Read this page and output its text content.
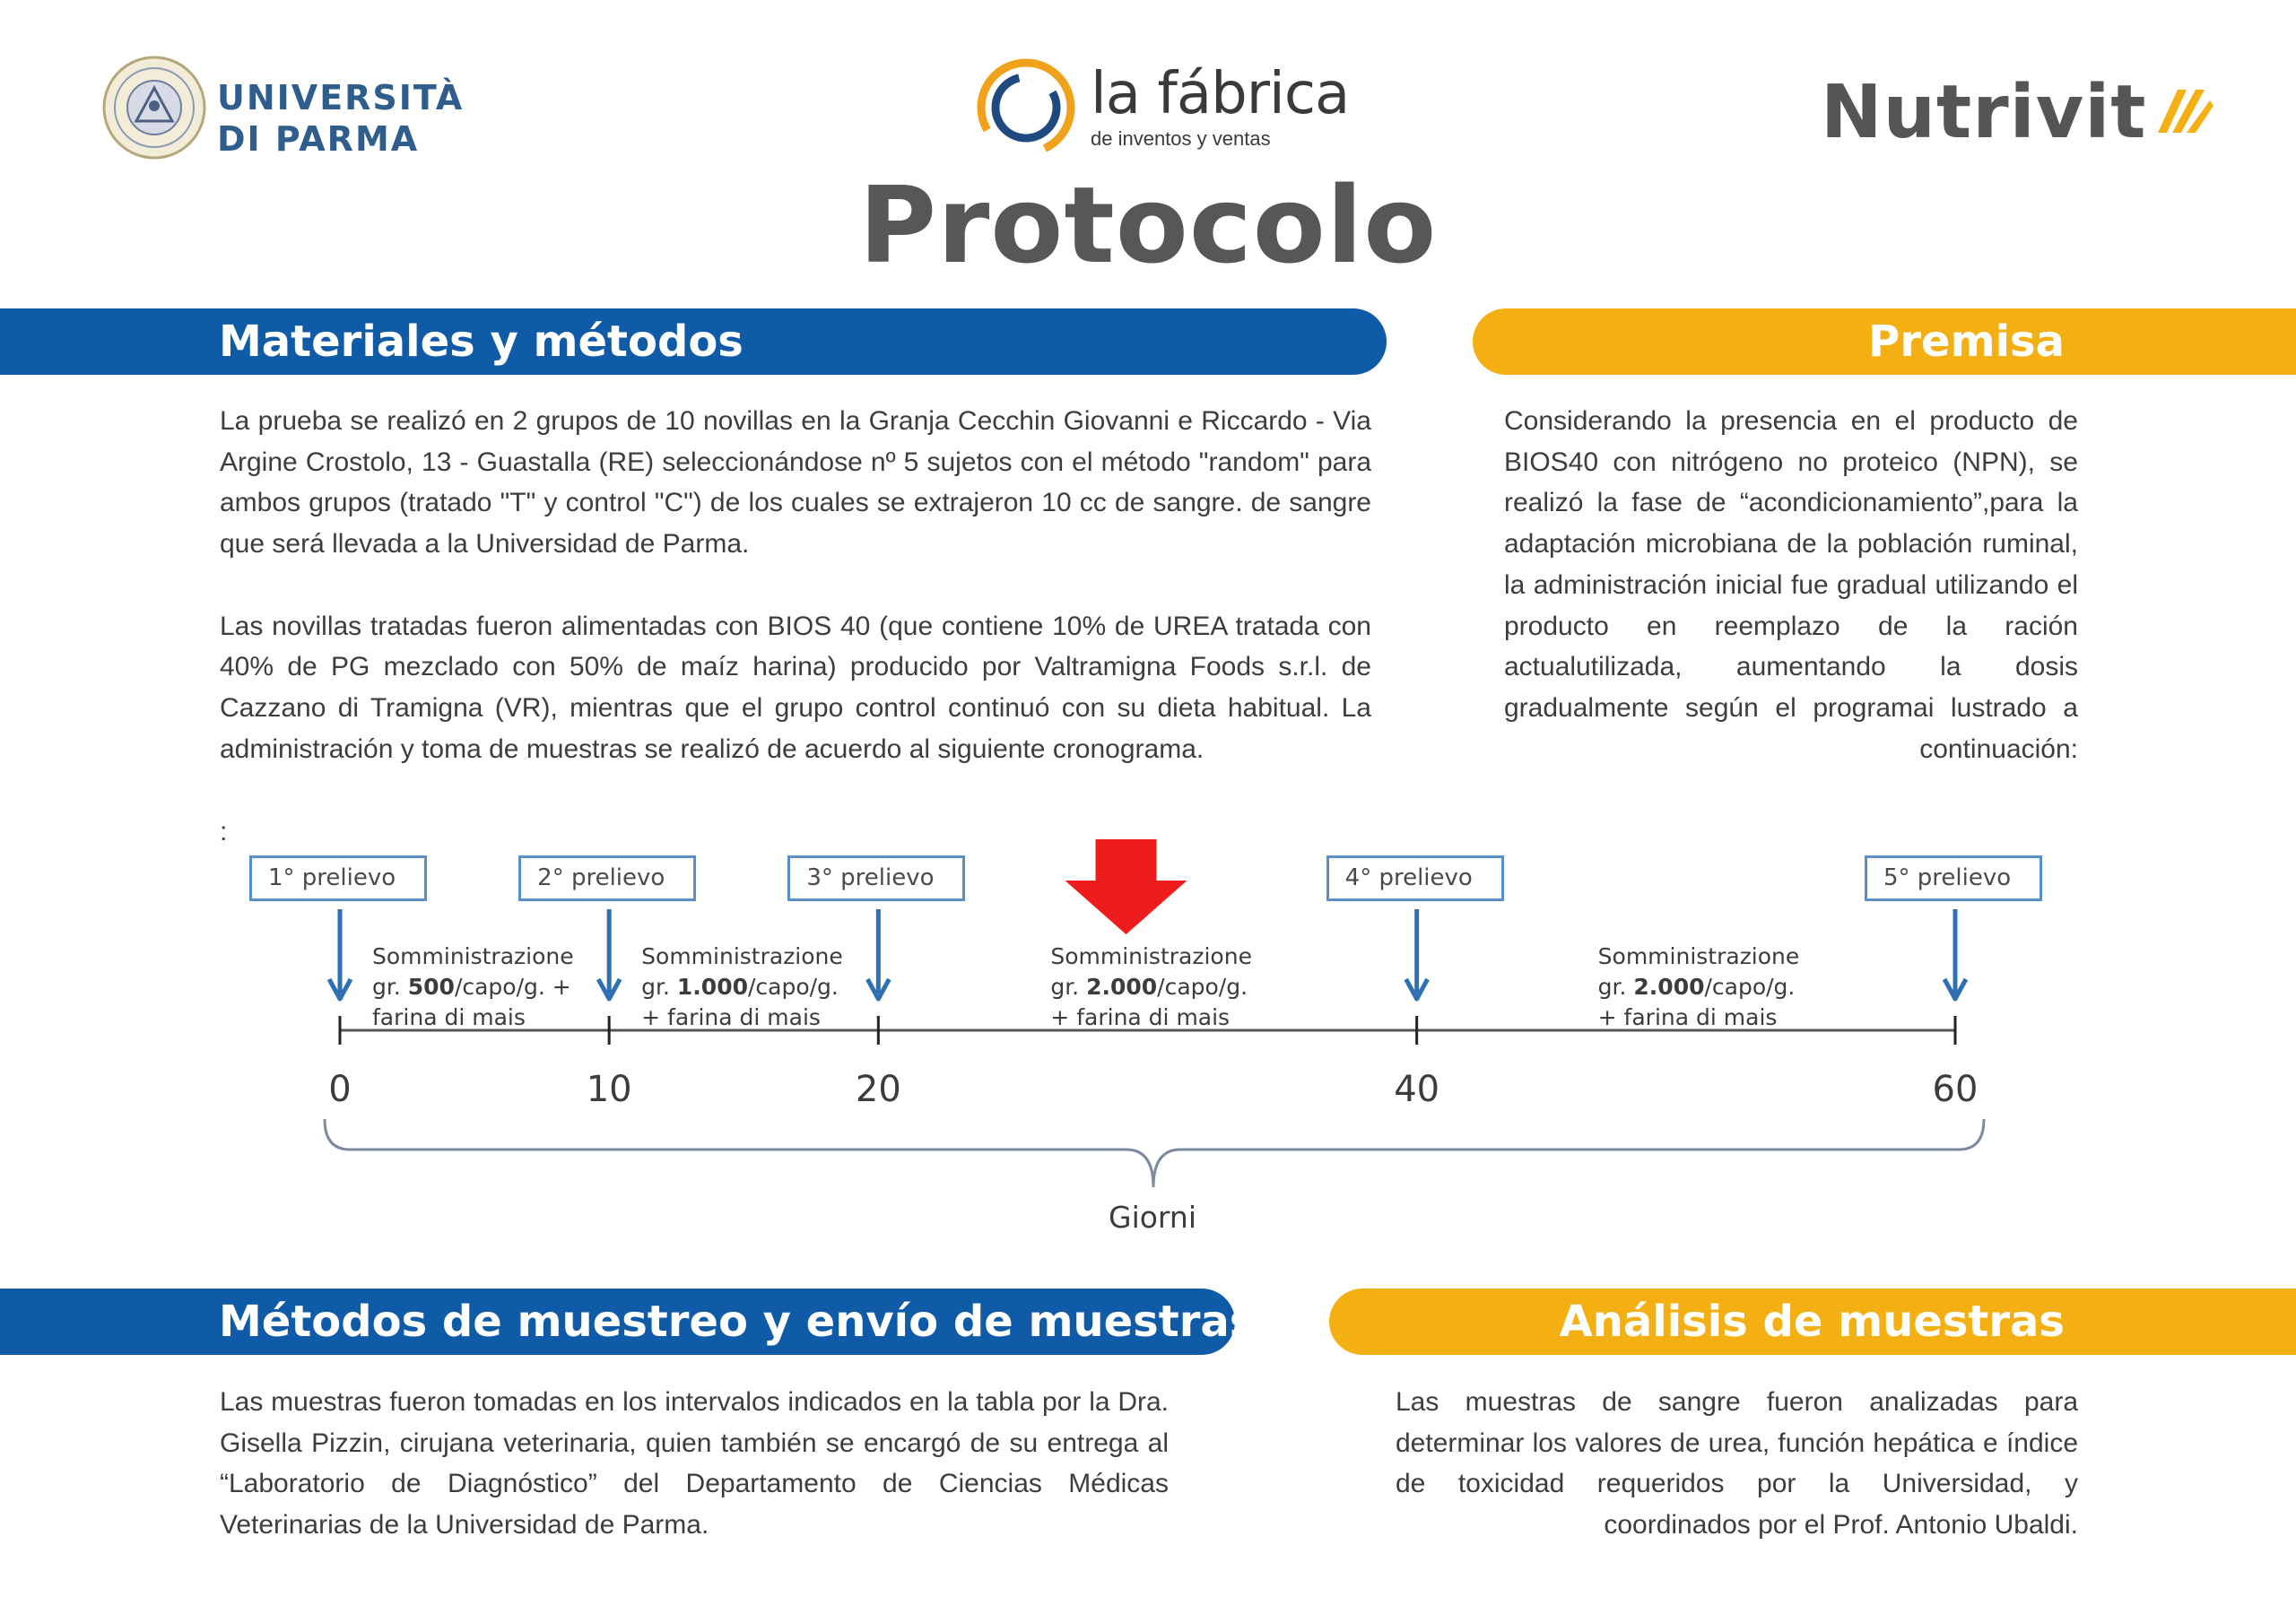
UNIVERSITÀ
DI PARMA
la fábrica
de inventos y ventas	Nutrivit
Protocolo
Materiales y métodos	Premisa
Métodos de muestreo y envío de muestras	Análisis de muestras

La prueba se realizó en 2 grupos de 10 novillas en la Granja Cecchin Giovanni e Riccardo - Via Argine Crostolo, 13 - Guastalla (RE) seleccionándose nº 5 sujetos con el método "random" para ambos grupos (tratado "T" y control "C") de los cuales se extrajeron 10 cc de sangre. de sangre que será llevada a la Universidad de Parma.

Las novillas tratadas fueron alimentadas con BIOS 40 (que contiene 10% de UREA tratada con 40% de PG mezclado con 50% de maíz harina) producido por Valtramigna Foods s.r.l. de Cazzano di Tramigna (VR), mientras que el grupo control continuó con su dieta habitual. La administración y toma de muestras se realizó de acuerdo al siguiente cronograma.

:
Considerando la presencia en el producto de BIOS40 con nitrógeno no proteico (NPN), se realizó la fase de “acondicionamiento”,para la adaptación microbiana de la población ruminal, la administración inicial fue gradual utilizando el producto en reemplazo de la ración actualutilizada, aumentando la dosis gradualmente según el programai lustrado a continuación:
Las muestras fueron tomadas en los intervalos indicados en la tabla por la Dra. Gisella Pizzin, cirujana veterinaria, quien también se encargó de su entrega al “Laboratorio de Diagnóstico” del Departamento de Ciencias Médicas Veterinarias de la Universidad de Parma.
Las muestras de sangre fueron analizadas para determinar los valores de urea, función hepática e índice de toxicidad requeridos por la Universidad, y coordinados por el Prof. Antonio Ubaldi.
1° prelievo	2° prelievo	3° prelievo	4° prelievo	5° prelievo
Somministrazione
gr. 500/capo/g. +
farina di mais
Somministrazione
gr. 1.000/capo/g.
+ farina di mais
Somministrazione
gr. 2.000/capo/g.
+ farina di mais
Somministrazione
gr. 2.000/capo/g.
+ farina di mais
0	10	20	40	60
Giorni
